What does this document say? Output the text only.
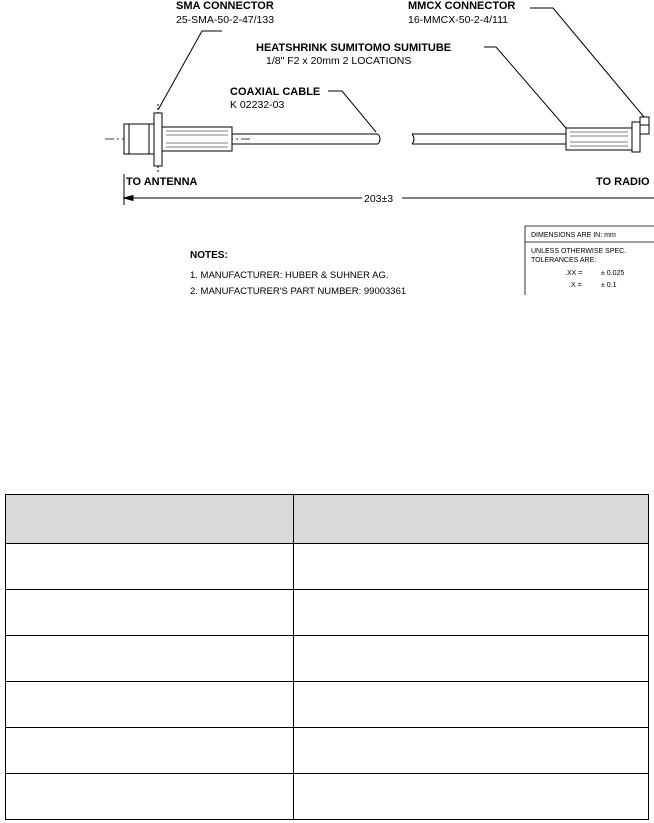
SMA CONNECTOR
25-SMA-50-2-47/133
MMCX CONNECTOR
16-MMCX-50-2-4/111
HEATSHRINK SUMITOMO SUMITUBE
1/8" F2 x 20mm 2 LOCATIONS
COAXIAL CABLE
K 02232-03
TO ANTENNA	TO RADIO
203±3
NOTES:
1. MANUFACTURER: HUBER & SUHNER AG.
2. MANUFACTURER'S PART NUMBER: 99003361
DIMENSIONS ARE IN: mm
UNLESS OTHERWISE SPEC.
TOLERANCES ARE:
.XX =	± 0.025
.X =	± 0.1
